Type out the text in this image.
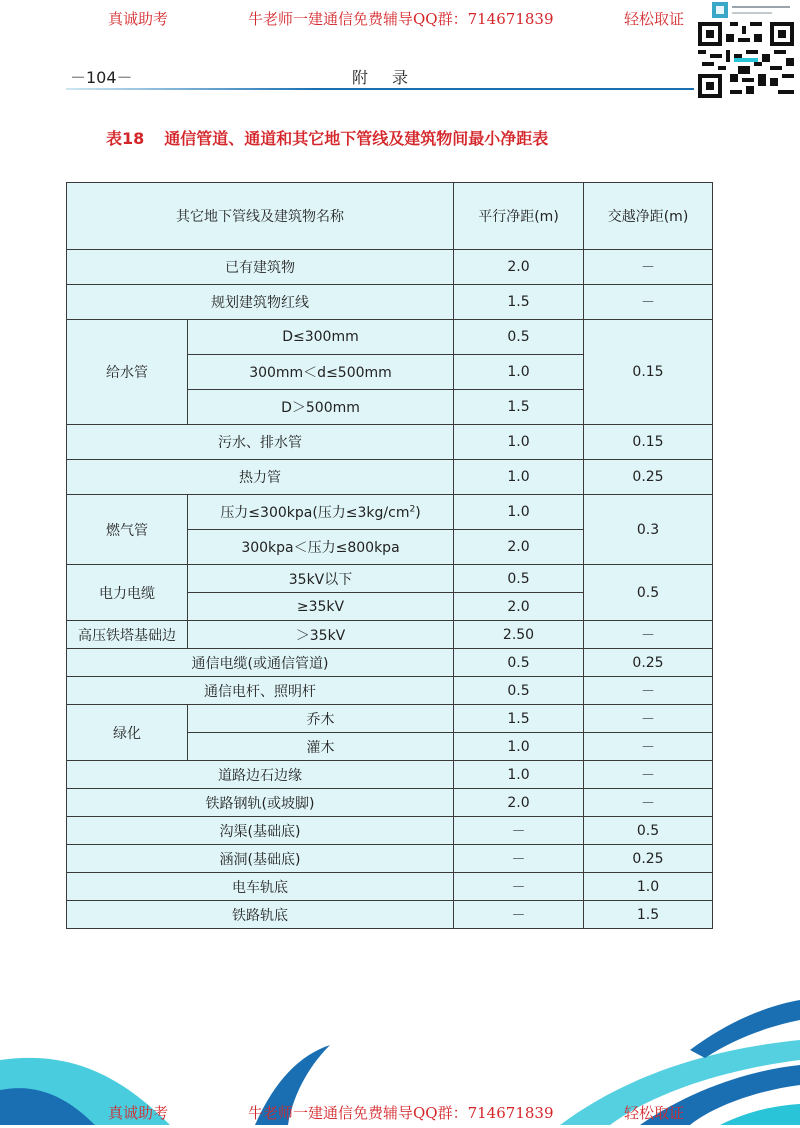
真诚助考	牛老师一建通信免费辅导QQ群：714671839	轻松取证
－104－	附录
表18 通信管道、通道和其它地下管线及建筑物间最小净距表
其它地下管线及建筑物名称		平行净距(m)	交越净距(m)
已有建筑物		2.0	－
规划建筑物红线		1.5	－
给水管	D≤300mm	0.5	0.15
	300mm＜d≤500mm	1.0	
	D＞500mm	1.5	
污水、排水管		1.0	0.15
热力管		1.0	0.25
燃气管	压力≤300kpa(压力$\le 3kg/cm^2$)	1.0	0.3
	300kpa＜压力≤800kpa	2.0	
电力电缆	35kV以下	0.5	0.5
	≥35kV	2.0	
高压铁塔基础边	＞35kV	2.50	－
通信电缆(或通信管道)		0.5	0.25
通信电杆、照明杆		0.5	－
绿化	乔木	1.5	－
	灌木	1.0	－
道路边石边缘		1.0	－
铁路钢轨(或坡脚)		2.0	－
沟渠(基础底)		－	0.5
涵洞(基础底)		－	0.25
电车轨底		－	1.0
铁路轨底		－	1.5
真诚助考	牛老师一建通信免费辅导QQ群：714671839	轻松取证
